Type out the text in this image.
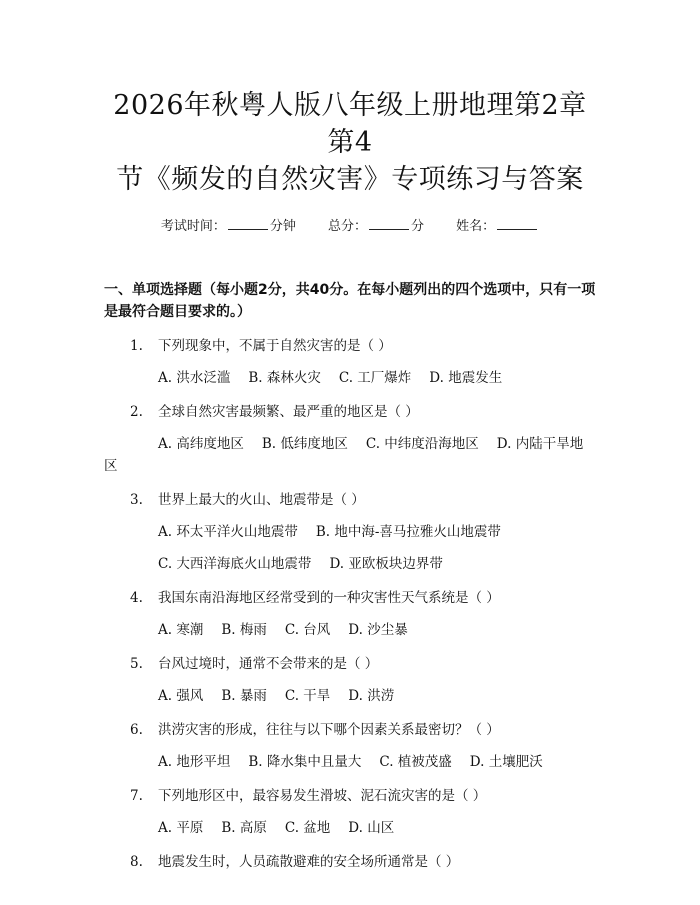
2026年秋粤人版八年级上册地理第2章第4
节《频发的自然灾害》专项练习与答案
考试时间：	分钟 总分：	分 姓名：
一、单项选择题（每小题2分，共40分。在每小题列出的四个选项中，只有一项是最符合题目要求的。）
1. 下列现象中，不属于自然灾害的是（ ）
A. 洪水泛滥 B. 森林火灾 C. 工厂爆炸 D. 地震发生
2. 全球自然灾害最频繁、最严重的地区是（ ）
A. 高纬度地区 B. 低纬度地区 C. 中纬度沿海地区 D. 内陆干旱地区
3. 世界上最大的火山、地震带是（ ）
A. 环太平洋火山地震带 B. 地中海-喜马拉雅火山地震带
C. 大西洋海底火山地震带 D. 亚欧板块边界带
4. 我国东南沿海地区经常受到的一种灾害性天气系统是（ ）
A. 寒潮 B. 梅雨 C. 台风 D. 沙尘暴
5. 台风过境时，通常不会带来的是（ ）
A. 强风 B. 暴雨 C. 干旱 D. 洪涝
6. 洪涝灾害的形成，往往与以下哪个因素关系最密切？（ ）
A. 地形平坦 B. 降水集中且量大 C. 植被茂盛 D. 土壤肥沃
7. 下列地形区中，最容易发生滑坡、泥石流灾害的是（ ）
A. 平原 B. 高原 C. 盆地 D. 山区
8. 地震发生时，人员疏散避难的安全场所通常是（ ）
